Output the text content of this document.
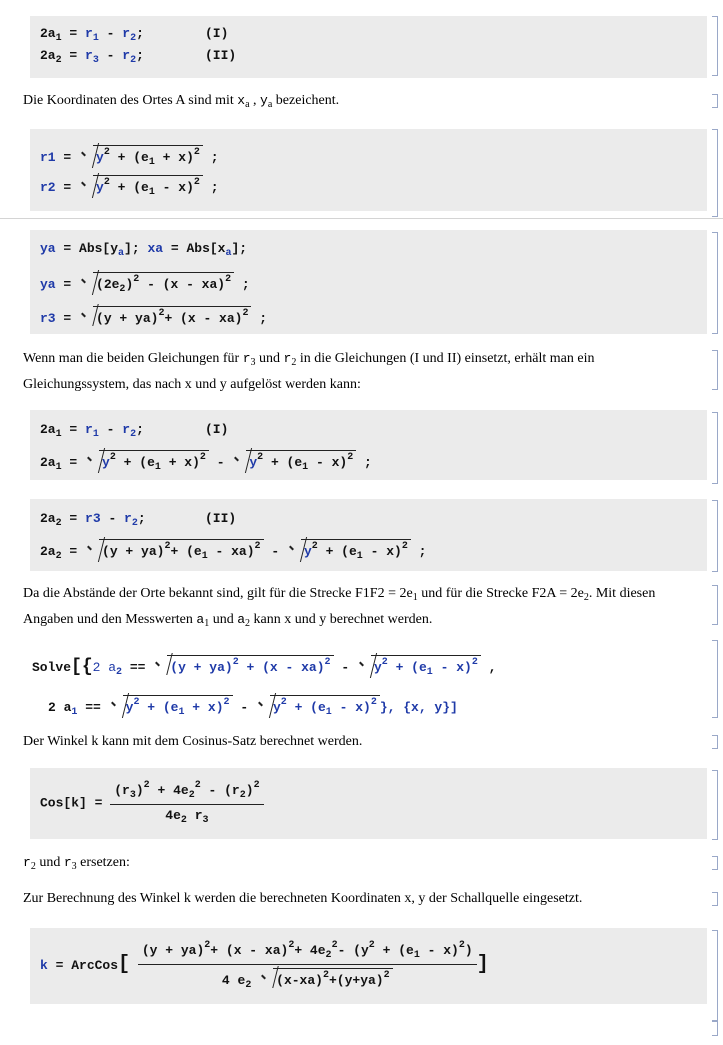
$2a_1 = r_1 - r_2$;	(I)
$2a_2 = r_3 - r_2$;	(II)
Die Koordinaten des Ortes A sind mit $x_a$ , $y_a$ bezeichent.
$r1 = y^2 + (e_1 + x)^2$ ;
$r2 = y^2 + (e_1 - x)^2$ ;
ya = $Abs[y_a]$; xa = $Abs[x_a]$;
ya = $(2e_2)^2 - (x - xa)^2$ ;
r3 = (y + ya)$^2$+ (x - xa)$^2$ ;
Wenn man die beiden Gleichungen für $r_3$ und $r_2$ in die Gleichungen (I und II) einsetzt, erhält man ein Gleichungssystem, das nach x und y aufgelöst werden kann:
$2a_1 = r_1 - r_2$;	(I)
$2a_1 = y^2 + (e_1 + x)^2 - y^2 + (e_1 - x)^2$ ;
$2a_2 = r3 - r_2$;	(II)
$2a_2 = (y + ya)^2+ (e_1 - xa)^2 - y^2 + (e_1 - x)^2$ ;
Da die Abstände der Orte bekannt sind, gilt für die Strecke $F1F2 = 2e_1$ und für die Strecke $F2A = 2e_2$. Mit diesen Angaben und den Messwerten $a_1$ und $a_2$ kann x und y berechnet werden.
Solve[{2 $a_2 == (y + ya)^2 + (x - xa)^2 - y^2 + (e_1 - x)^2$ ,
2 $a_1 == y^2 + (e_1 + x)^2 - y^2 + (e_1 - x)^2$ }, {x, y}]
Der Winkel k kann mit dem Cosinus-Satz berechnet werden.
$Cos[k] = \frac{(r_3)^2 + 4e_2^2 - (r_2)^2}{4e_2 r_3}$
$r_2$ und $r_3$ ersetzen:
Zur Berechnung des Winkel k werden die berechneten Koordinaten x, y der Schallquelle eingesetzt.
k = ArcCos[ $\frac{(y + ya)^2+ (x - xa)^2+ 4e_2^2- (y^2 + (e_1 - x)^2)}{4 e_2 (x-xa)^2+(y+ya)^2}$ ]
